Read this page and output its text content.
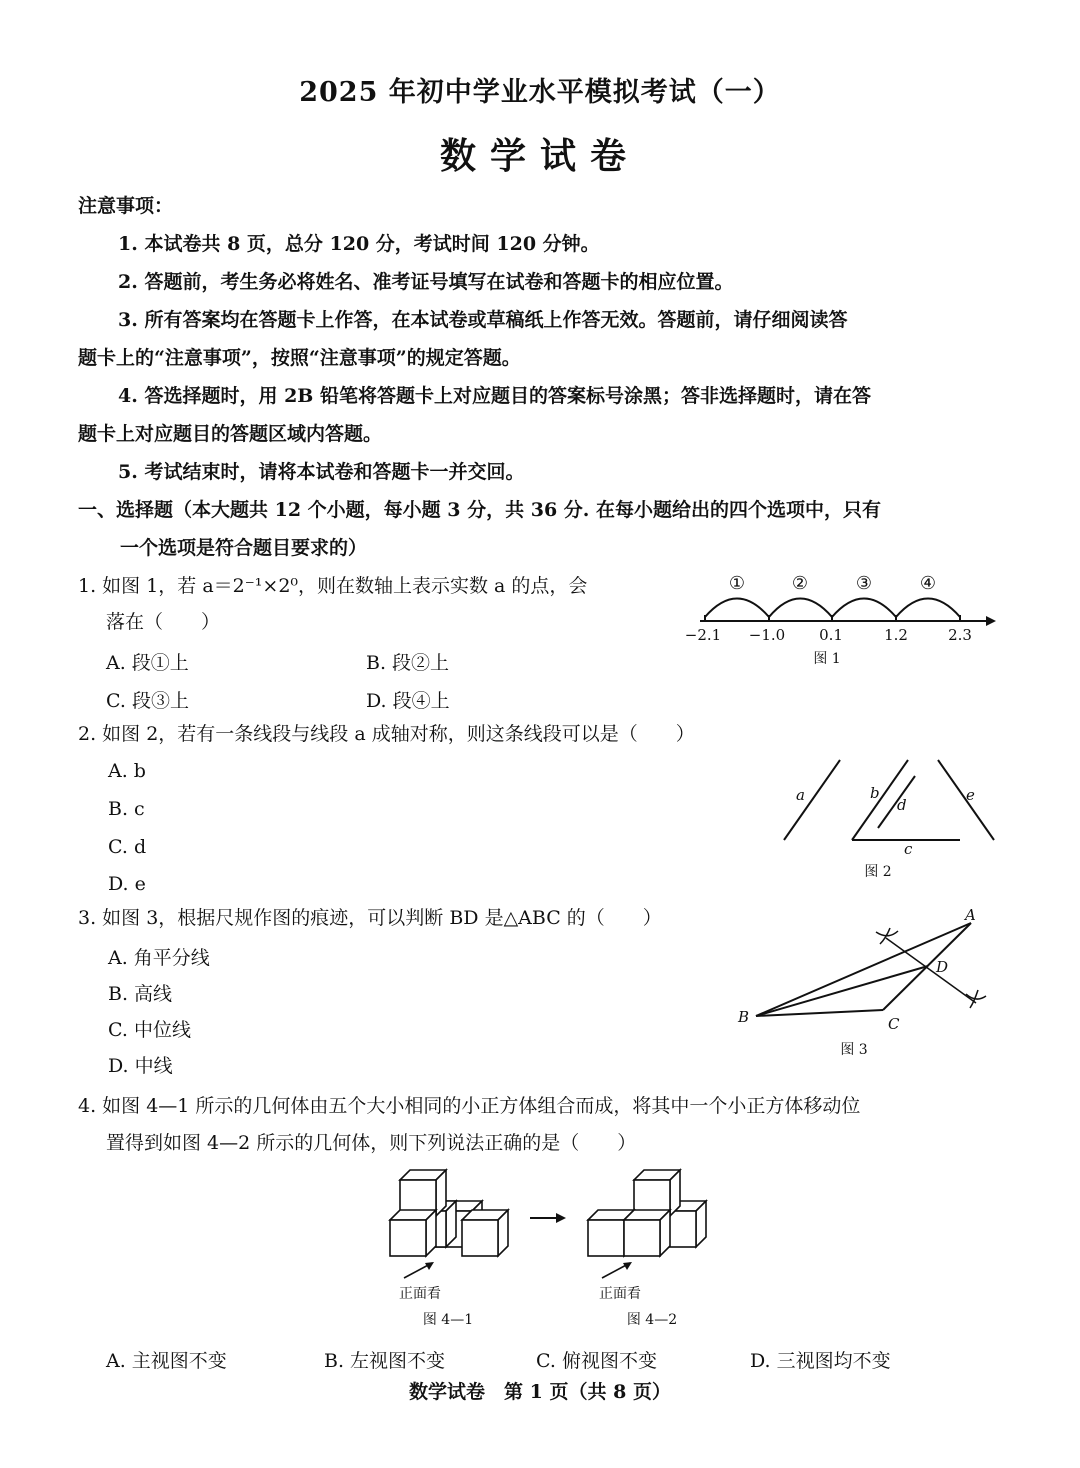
2025 年初中学业水平模拟考试（一）
数学试卷
注意事项：
1. 本试卷共 8 页，总分 120 分，考试时间 120 分钟。
2. 答题前，考生务必将姓名、准考证号填写在试卷和答题卡的相应位置。
3. 所有答案均在答题卡上作答，在本试卷或草稿纸上作答无效。答题前，请仔细阅读答
题卡上的“注意事项”，按照“注意事项”的规定答题。
4. 答选择题时，用 2B 铅笔将答题卡上对应题目的答案标号涂黑；答非选择题时，请在答
题卡上对应题目的答题区域内答题。
5. 考试结束时，请将本试卷和答题卡一并交回。
一、选择题（本大题共 12 个小题，每小题 3 分，共 36 分. 在每小题给出的四个选项中，只有
一个选项是符合题目要求的）
1. 如图 1，若 a＝2⁻¹×2⁰，则在数轴上表示实数 a 的点，会
落在（　　）
A. 段①上	B. 段②上
C. 段③上	D. 段④上
①	②	③	④
−2.1 −1.0 0.1	1.2	2.3
图 1
2. 如图 2，若有一条线段与线段 a 成轴对称，则这条线段可以是（　　）
A. b
B. c
C. d
D. e
a	b
d
e
c
图 2
3. 如图 3，根据尺规作图的痕迹，可以判断 BD 是△ABC 的（　　）
A. 角平分线
B. 高线
C. 中位线
D. 中线
A
B	C
D
图 3
4. 如图 4—1 所示的几何体由五个大小相同的小正方体组合而成，将其中一个小正方体移动位
置得到如图 4—2 所示的几何体，则下列说法正确的是（　　）
正面看	正面看
图 4—1	图 4—2
A. 主视图不变	B. 左视图不变	C. 俯视图不变	D. 三视图均不变
数学试卷　第 1 页（共 8 页）
